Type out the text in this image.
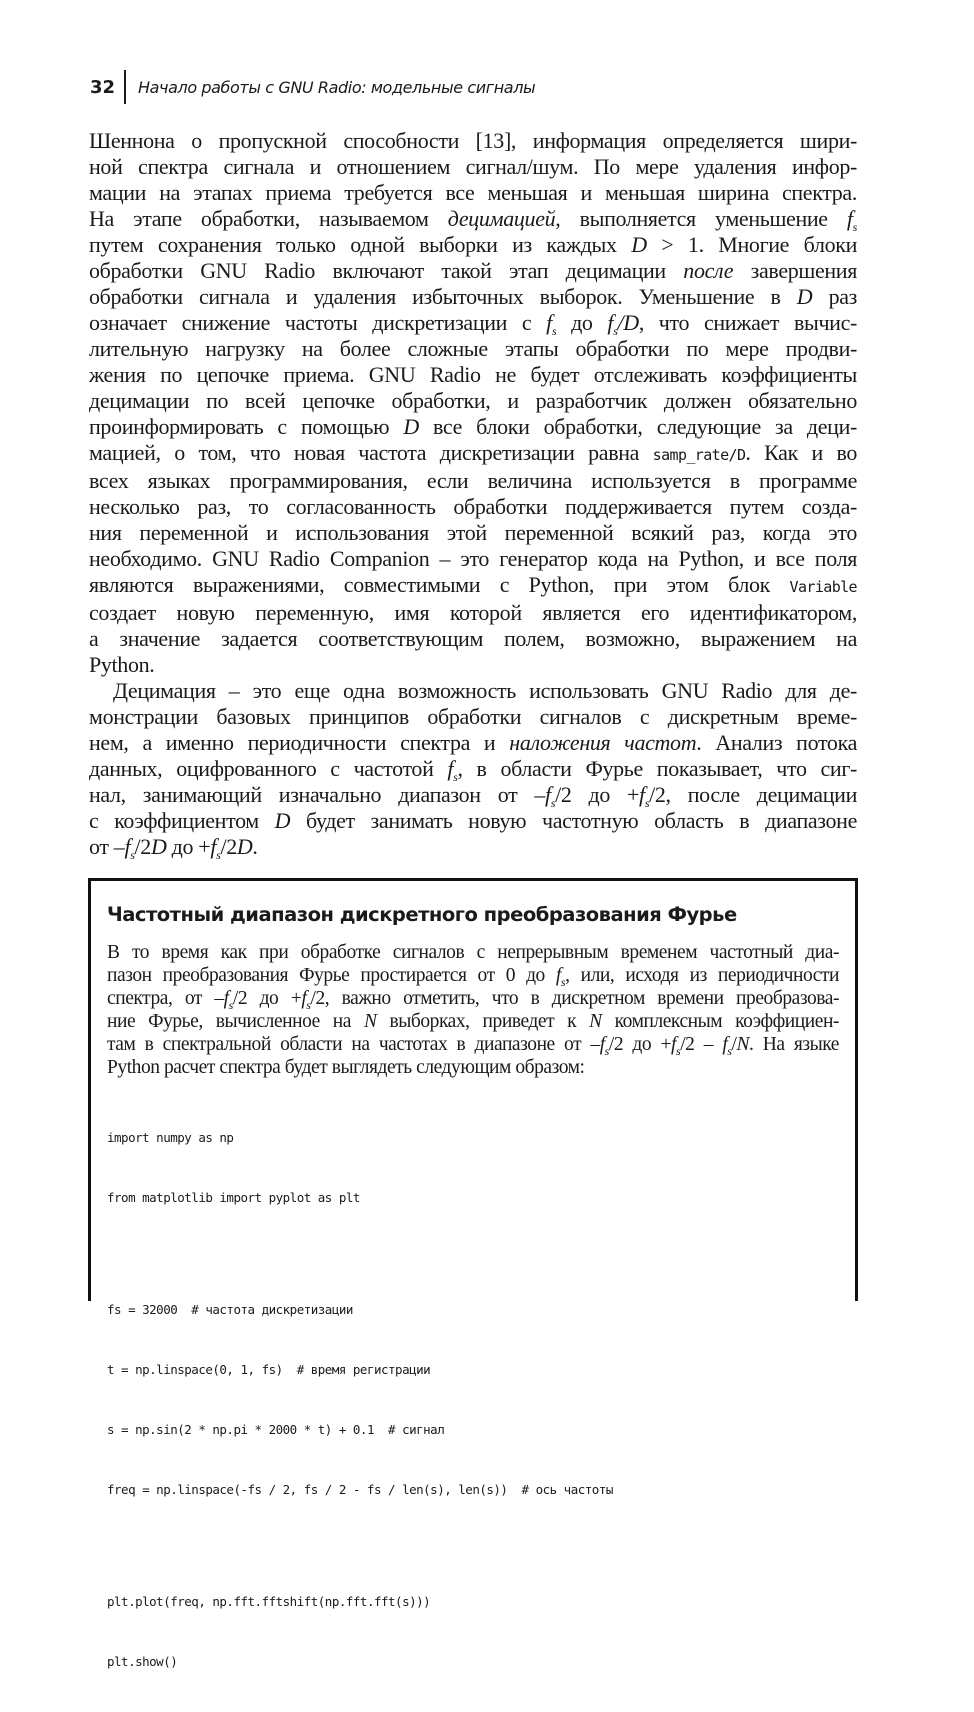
32	Начало работы с GNU Radio: модельные сигналы

Шеннона о пропускной способности [13], информация определяется шири-
ной спектра сигнала и отношением сигнал/шум. По мере удаления инфор-
мации на этапах приема требуется все меньшая и меньшая ширина спектра.
На этапе обработки, называемом децимацией, выполняется уменьшение $f_s$
путем сохранения только одной выборки из каждых D > 1. Многие блоки
обработки GNU Radio включают такой этап децимации после завершения
обработки сигнала и удаления избыточных выборок. Уменьшение в D раз
означает снижение частоты дискретизации с $f_s$ до $f_s/D$, что снижает вычис-
лительную нагрузку на более сложные этапы обработки по мере продви-
жения по цепочке приема. GNU Radio не будет отслеживать коэффициенты
децимации по всей цепочке обработки, и разработчик должен обязательно
проинформировать с помощью D все блоки обработки, следующие за деци-
мацией, о том, что новая частота дискретизации равна samp_rate/D. Как и во
всех языках программирования, если величина используется в программе
несколько раз, то согласованность обработки поддерживается путем созда-
ния переменной и использования этой переменной всякий раз, когда это
необходимо. GNU Radio Companion – это генератор кода на Python, и все поля
являются выражениями, совместимыми с Python, при этом блок Variable
создает новую переменную, имя которой является его идентификатором,
а значение задается соответствующим полем, возможно, выражением на
Python.

Децимация – это еще одна возможность использовать GNU Radio для де-
монстрации базовых принципов обработки сигналов с дискретным време-
нем, а именно периодичности спектра и наложения частот. Анализ потока
данных, оцифрованного с частотой $f_s$, в области Фурье показывает, что сиг-
нал, занимающий изначально диапазон от $-f_s/2$ до $+f_s/2$, после децимации
с коэффициентом D будет занимать новую частотную область в диапазоне
от $-f_s/2D$ до $+f_s/2D$.

Частотный диапазон дискретного преобразования Фурье
В то время как при обработке сигналов с непрерывным временем частотный диа-
пазон преобразования Фурье простирается от 0 до $f_s$, или, исходя из периодичности
спектра, от $-f_s/2$ до $+f_s/2$, важно отметить, что в дискретном времени преобразова-
ние Фурье, вычисленное на N выборках, приведет к N комплексным коэффициен-
там в спектральной области на частотах в диапазоне от $-f_s/2$ до $+f_s/2 - f_s/N$. На языке
Python расчет спектра будет выглядеть следующим образом:

import numpy as np

from matplotlib import pyplot as plt

fs = 32000  # частота дискретизации

t = np.linspace(0, 1, fs)  # время регистрации

s = np.sin(2 * np.pi * 2000 * t) + 0.1  # сигнал

freq = np.linspace(-fs / 2, fs / 2 - fs / len(s), len(s))  # ось частоты

plt.plot(freq, np.fft.fftshift(np.fft.fft(s)))

plt.show()
